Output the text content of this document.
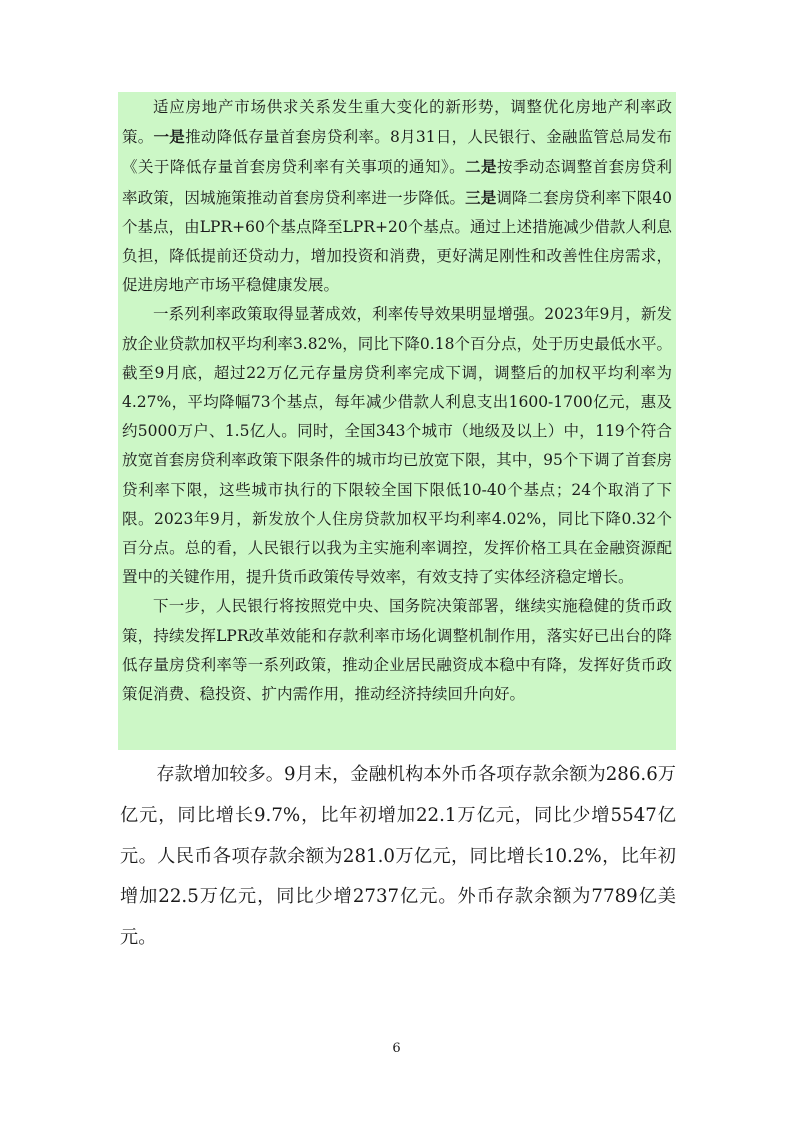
适应房地产市场供求关系发生重大变化的新形势，调整优化房地产利率政策。一是推动降低存量首套房贷利率。8月31日，人民银行、金融监管总局发布《关于降低存量首套房贷利率有关事项的通知》。二是按季动态调整首套房贷利率政策，因城施策推动首套房贷利率进一步降低。三是调降二套房贷利率下限40个基点，由LPR+60个基点降至LPR+20个基点。通过上述措施减少借款人利息负担，降低提前还贷动力，增加投资和消费，更好满足刚性和改善性住房需求，促进房地产市场平稳健康发展。

一系列利率政策取得显著成效，利率传导效果明显增强。2023年9月，新发放企业贷款加权平均利率3.82%，同比下降0.18个百分点，处于历史最低水平。截至9月底，超过22万亿元存量房贷利率完成下调，调整后的加权平均利率为4.27%，平均降幅73个基点，每年减少借款人利息支出1600-1700亿元，惠及约5000万户、1.5亿人。同时，全国343个城市（地级及以上）中，119个符合放宽首套房贷利率政策下限条件的城市均已放宽下限，其中，95个下调了首套房贷利率下限，这些城市执行的下限较全国下限低10-40个基点；24个取消了下限。2023年9月，新发放个人住房贷款加权平均利率4.02%，同比下降0.32个百分点。总的看，人民银行以我为主实施利率调控，发挥价格工具在金融资源配置中的关键作用，提升货币政策传导效率，有效支持了实体经济稳定增长。

下一步，人民银行将按照党中央、国务院决策部署，继续实施稳健的货币政策，持续发挥LPR改革效能和存款利率市场化调整机制作用，落实好已出台的降低存量房贷利率等一系列政策，推动企业居民融资成本稳中有降，发挥好货币政策促消费、稳投资、扩内需作用，推动经济持续回升向好。

存款增加较多。9月末，金融机构本外币各项存款余额为286.6万亿元，同比增长9.7%，比年初增加22.1万亿元，同比少增5547亿元。人民币各项存款余额为281.0万亿元，同比增长10.2%，比年初增加22.5万亿元，同比少增2737亿元。外币存款余额为7789亿美元。

6
